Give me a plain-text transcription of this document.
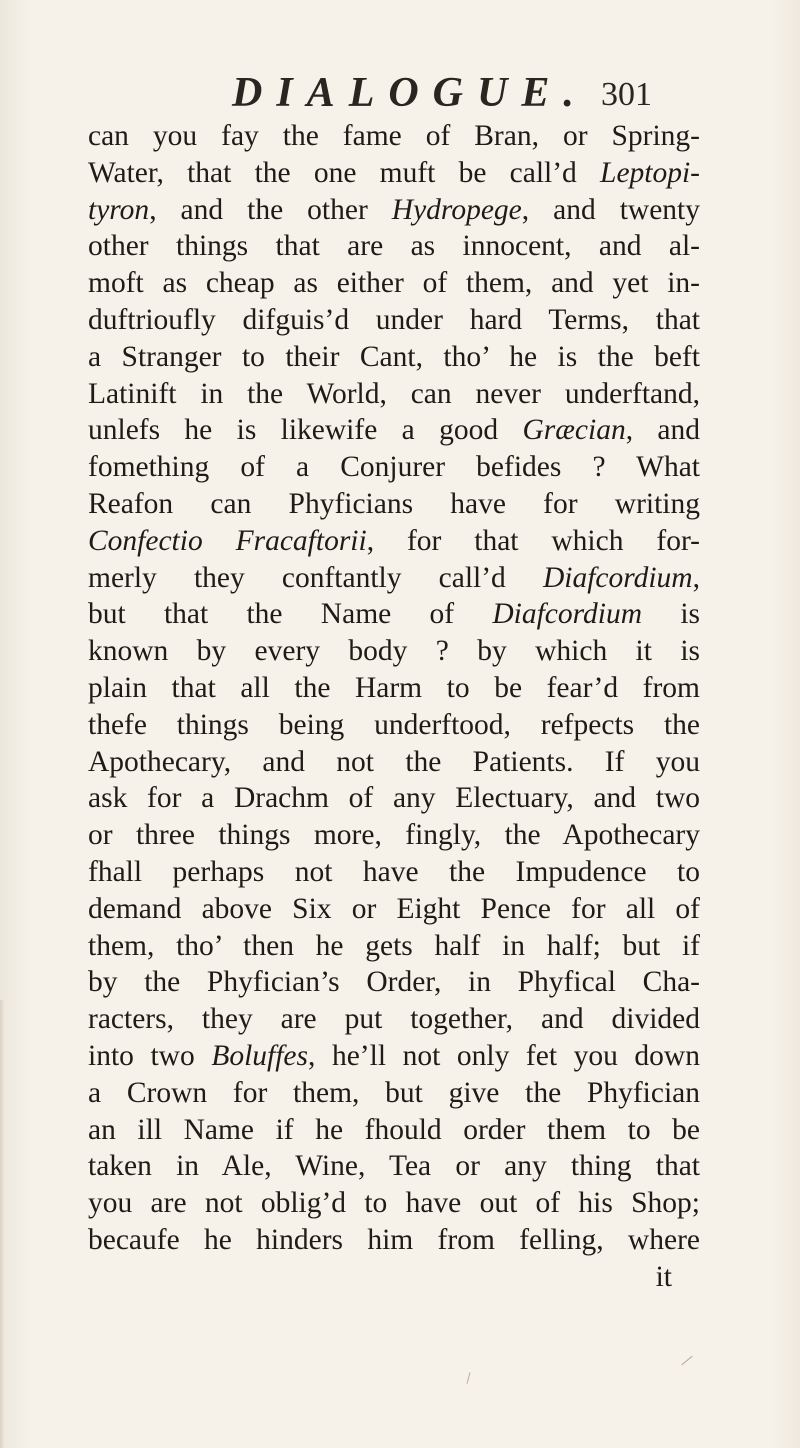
DIALOGUE. 301
can you fay the fame of Bran, or Spring-
Water, that the one muft be call’d Leptopi-
tyron, and the other Hydropege, and twenty
other things that are as innocent, and al-
moft as cheap as either of them, and yet in-
duftrioufly difguis’d under hard Terms, that
a Stranger to their Cant, tho’ he is the beft
Latinift in the World, can never underftand,
unlefs he is likewife a good Græcian, and
fomething of a Conjurer befides ? What
Reafon can Phyficians have for writing
Confectio Fracaftorii, for that which for-
merly they conftantly call’d Diafcordium,
but that the Name of Diafcordium is
known by every body ? by which it is
plain that all the Harm to be fear’d from
thefe things being underftood, refpects the
Apothecary, and not the Patients. If you
ask for a Drachm of any Electuary, and two
or three things more, fingly, the Apothecary
fhall perhaps not have the Impudence to
demand above Six or Eight Pence for all of
them, tho’ then he gets half in half; but if
by the Phyfician’s Order, in Phyfical Cha-
racters, they are put together, and divided
into two Boluffes, he’ll not only fet you down
a Crown for them, but give the Phyfician
an ill Name if he fhould order them to be
taken in Ale, Wine, Tea or any thing that
you are not oblig’d to have out of his Shop;
becaufe he hinders him from felling, where
it
